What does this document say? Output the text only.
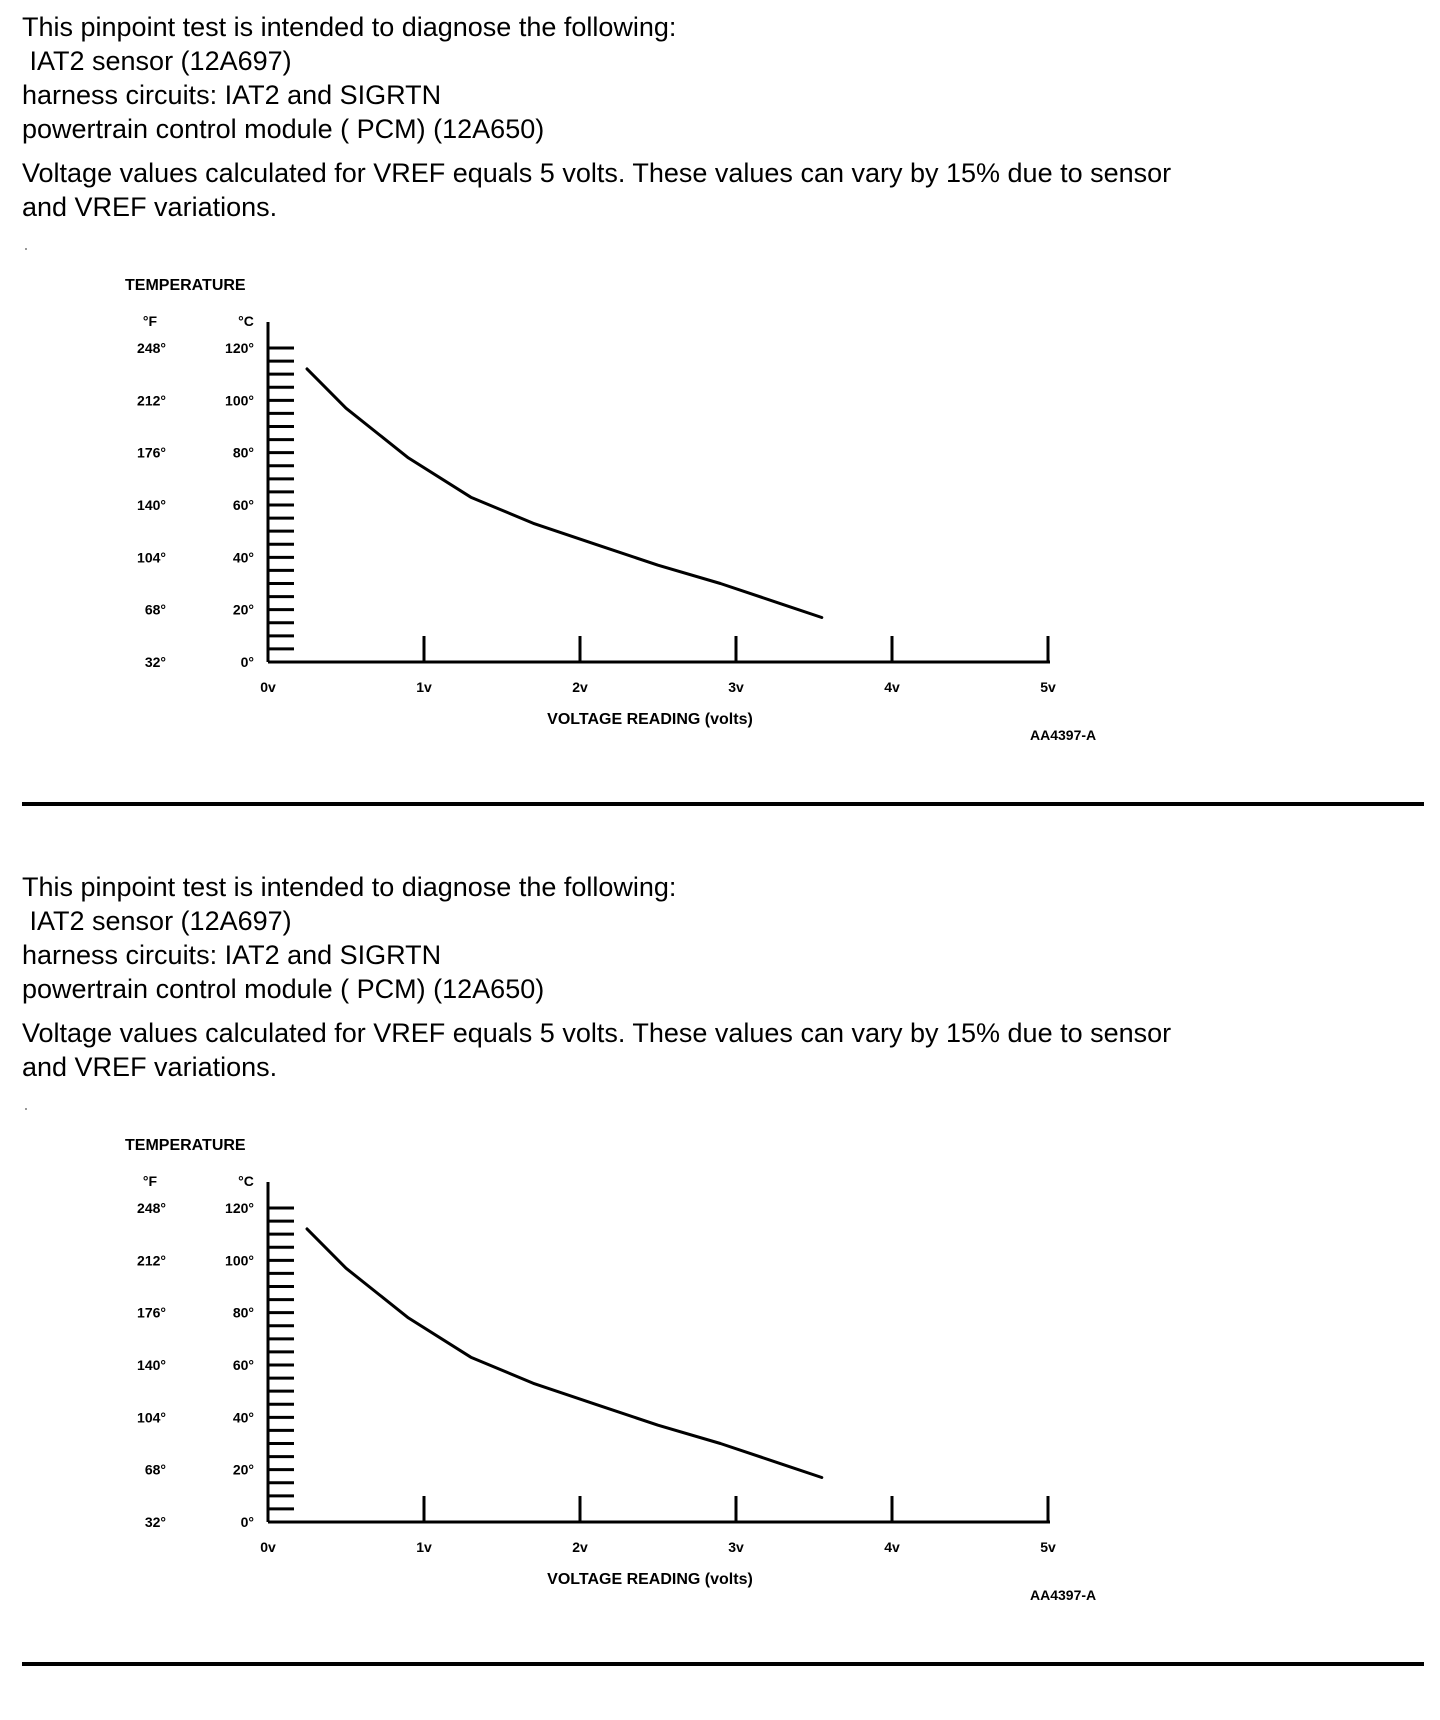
This pinpoint test is intended to diagnose the following:
IAT2 sensor (12A697)
harness circuits: IAT2 and SIGRTN
powertrain control module ( PCM) (12A650)
Voltage values calculated for VREF equals 5 volts. These values can vary by 15% due to sensor
and VREF variations.
TEMPERATURE
°F	°C
120°
248°
100°
212°
80°
176°
60°
140°
40°
104°
20°
68°
0°
32°
0v	1v	2v	3v	4v	5v
VOLTAGE READING (volts)
AA4397-A
This pinpoint test is intended to diagnose the following:
IAT2 sensor (12A697)
harness circuits: IAT2 and SIGRTN
powertrain control module ( PCM) (12A650)
Voltage values calculated for VREF equals 5 volts. These values can vary by 15% due to sensor
and VREF variations.
TEMPERATURE
°F	°C
120°
248°
100°
212°
80°
176°
60°
140°
40°
104°
20°
68°
0°
32°
0v	1v	2v	3v	4v	5v
VOLTAGE READING (volts)
AA4397-A
